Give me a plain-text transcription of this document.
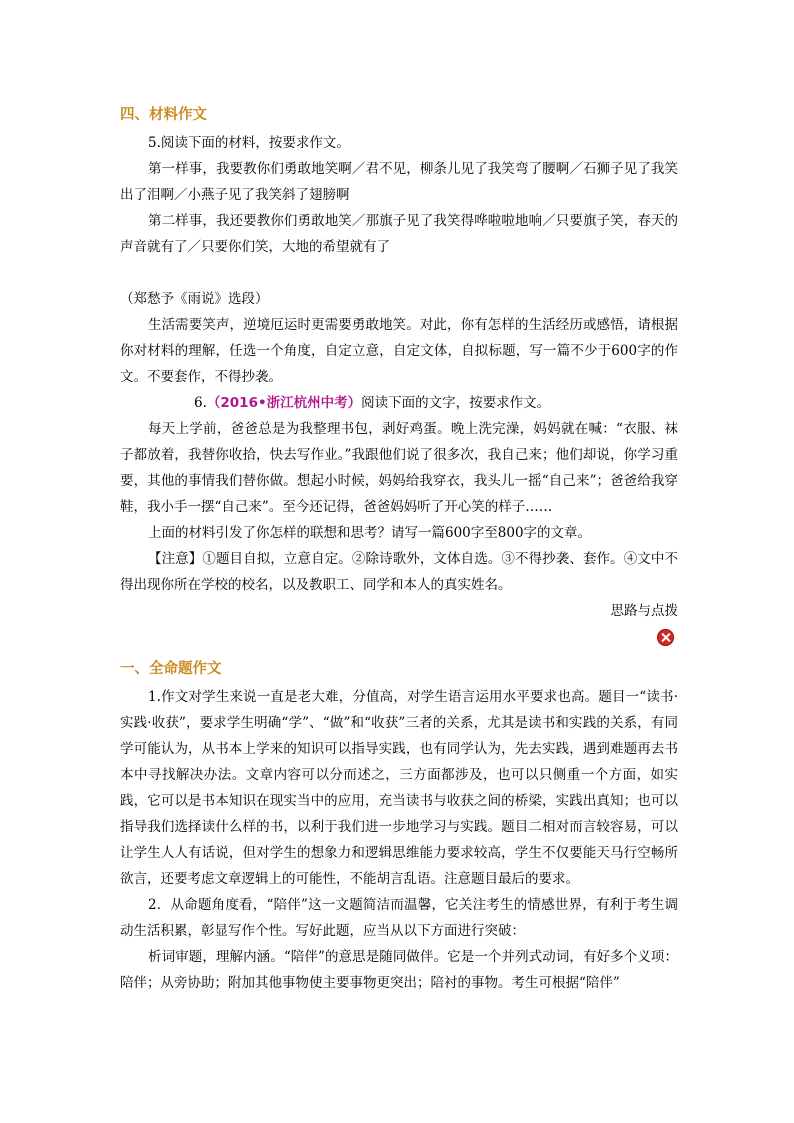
四、材料作文

5.阅读下面的材料，按要求作文。

第一样事，我要教你们勇敢地笑啊／君不见，柳条儿见了我笑弯了腰啊／石狮子见了我笑出了泪啊／小燕子见了我笑斜了翅膀啊

第二样事，我还要教你们勇敢地笑／那旗子见了我笑得哗啦啦地响／只要旗子笑，春天的声音就有了／只要你们笑，大地的希望就有了

（郑愁予《雨说》选段）

生活需要笑声，逆境厄运时更需要勇敢地笑。对此，你有怎样的生活经历或感悟，请根据你对材料的理解，任选一个角度，自定立意，自定文体，自拟标题，写一篇不少于600字的作文。不要套作，不得抄袭。

6.（2016•浙江杭州中考）阅读下面的文字，按要求作文。

每天上学前，爸爸总是为我整理书包，剥好鸡蛋。晚上洗完澡，妈妈就在喊：“衣服、袜子都放着，我替你收拾，快去写作业。”我跟他们说了很多次，我自己来；他们却说，你学习重要，其他的事情我们替你做。想起小时候，妈妈给我穿衣，我头儿一摇“自己来”；爸爸给我穿鞋，我小手一摆“自己来”。至今还记得，爸爸妈妈听了开心笑的样子……

上面的材料引发了你怎样的联想和思考？请写一篇600字至800字的文章。

【注意】①题目自拟，立意自定。②除诗歌外，文体自选。③不得抄袭、套作。④文中不得出现你所在学校的校名，以及教职工、同学和本人的真实姓名。

思路与点拨

一、全命题作文

1.作文对学生来说一直是老大难，分值高，对学生语言运用水平要求也高。题目一“读书·实践·收获”，要求学生明确“学”、“做”和“收获”三者的关系，尤其是读书和实践的关系，有同学可能认为，从书本上学来的知识可以指导实践，也有同学认为，先去实践，遇到难题再去书本中寻找解决办法。文章内容可以分而述之，三方面都涉及，也可以只侧重一个方面，如实践，它可以是书本知识在现实当中的应用，充当读书与收获之间的桥梁，实践出真知；也可以指导我们选择读什么样的书，以利于我们进一步地学习与实践。题目二相对而言较容易，可以让学生人人有话说，但对学生的想象力和逻辑思维能力要求较高，学生不仅要能天马行空畅所欲言，还要考虑文章逻辑上的可能性，不能胡言乱语。注意题目最后的要求。

2．从命题角度看，“陪伴”这一文题简洁而温馨，它关注考生的情感世界，有利于考生调动生活积累，彰显写作个性。写好此题，应当从以下方面进行突破：

析词审题，理解内涵。“陪伴”的意思是随同做伴。它是一个并列式动词，有好多个义项：陪伴；从旁协助；附加其他事物使主要事物更突出；陪衬的事物。考生可根据“陪伴”
